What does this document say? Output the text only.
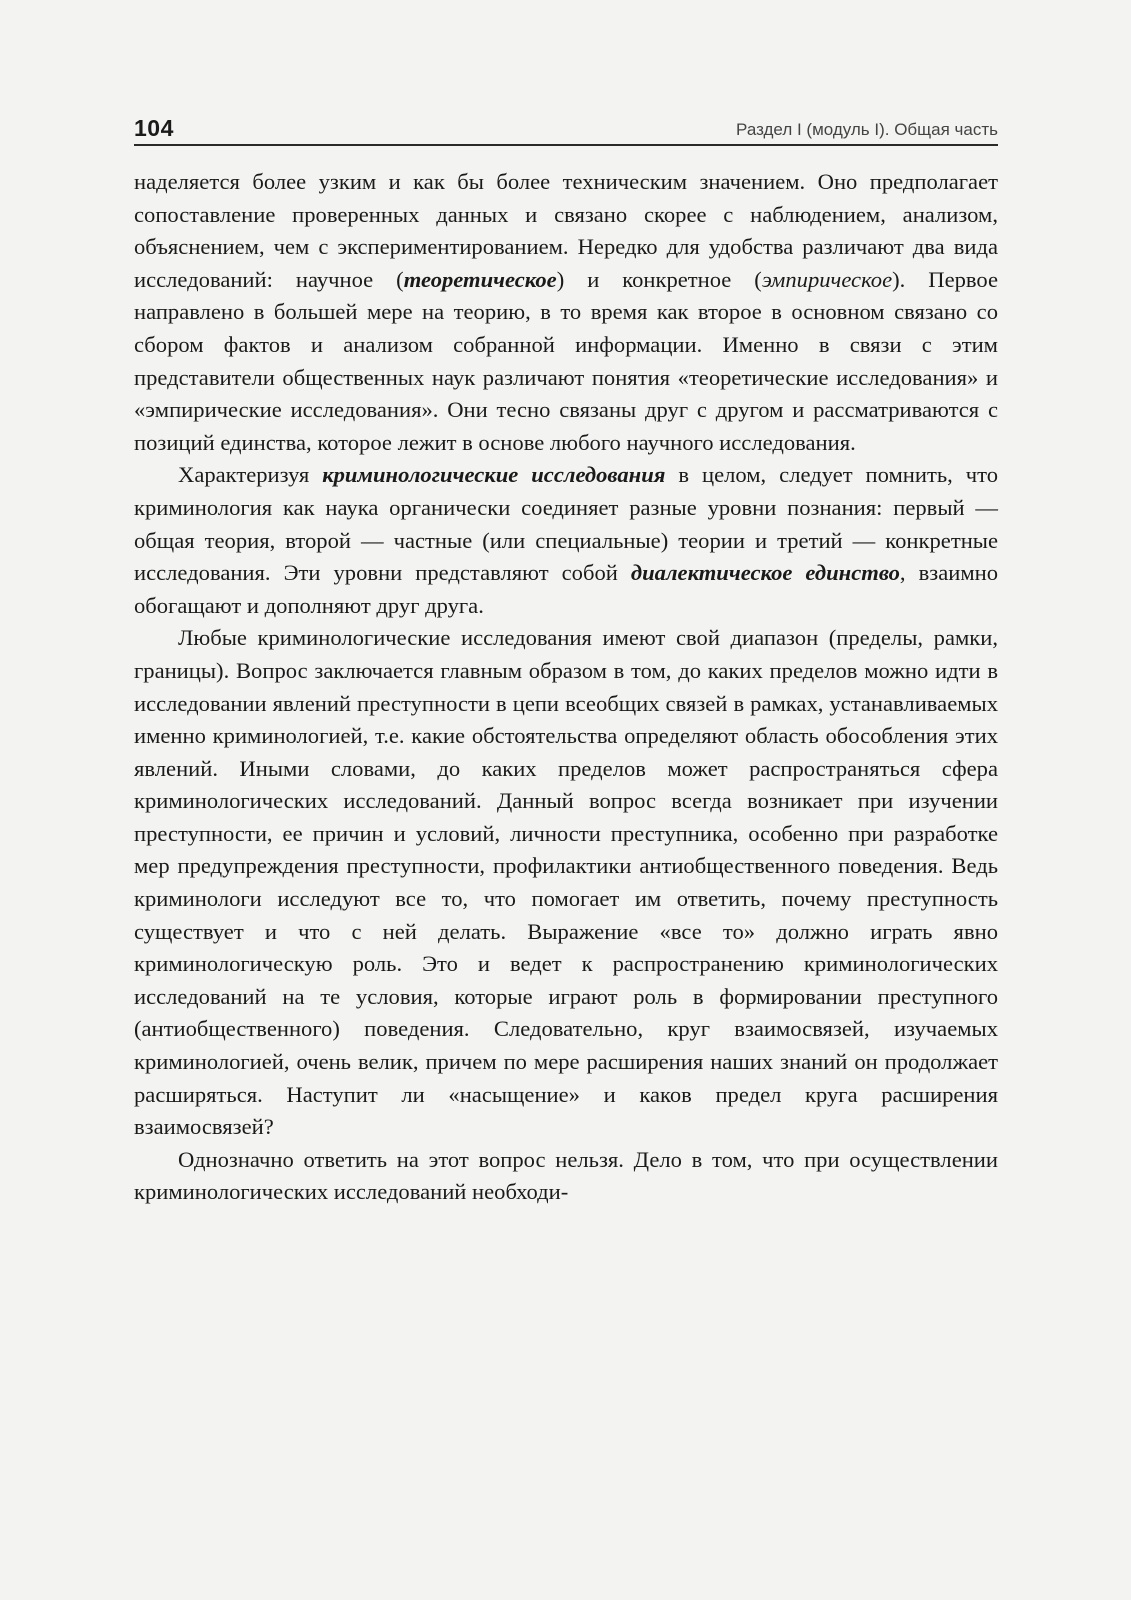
104	Раздел I (модуль I). Общая часть

наделяется более узким и как бы более техническим значением. Оно предполагает сопоставление проверенных данных и связано скорее с наблюдением, анализом, объяснением, чем с экспериментированием. Нередко для удобства различают два вида исследований: научное (теоретическое) и конкретное (эмпирическое). Первое направлено в большей мере на теорию, в то время как второе в основном связано со сбором фактов и анализом собранной информации. Именно в связи с этим представители общественных наук различают понятия «теоретические исследования» и «эмпирические исследования». Они тесно связаны друг с другом и рассматриваются с позиций единства, которое лежит в основе любого научного исследования.

Характеризуя криминологические исследования в целом, следует помнить, что криминология как наука органически соединяет разные уровни познания: первый — общая теория, второй — частные (или специальные) теории и третий — конкретные исследования. Эти уровни представляют собой диалектическое единство, взаимно обогащают и дополняют друг друга.

Любые криминологические исследования имеют свой диапазон (пределы, рамки, границы). Вопрос заключается главным образом в том, до каких пределов можно идти в исследовании явлений преступности в цепи всеобщих связей в рамках, устанавливаемых именно криминологией, т.е. какие обстоятельства определяют область обособления этих явлений. Иными словами, до каких пределов может распространяться сфера криминологических исследований. Данный вопрос всегда возникает при изучении преступности, ее причин и условий, личности преступника, особенно при разработке мер предупреждения преступности, профилактики антиобщественного поведения. Ведь криминологи исследуют все то, что помогает им ответить, почему преступность существует и что с ней делать. Выражение «все то» должно играть явно криминологическую роль. Это и ведет к распространению криминологических исследований на те условия, которые играют роль в формировании преступного (антиобщественного) поведения. Следовательно, круг взаимосвязей, изучаемых криминологией, очень велик, причем по мере расширения наших знаний он продолжает расширяться. Наступит ли «насыщение» и каков предел круга расширения взаимосвязей?

Однозначно ответить на этот вопрос нельзя. Дело в том, что при осуществлении криминологических исследований необходи-
